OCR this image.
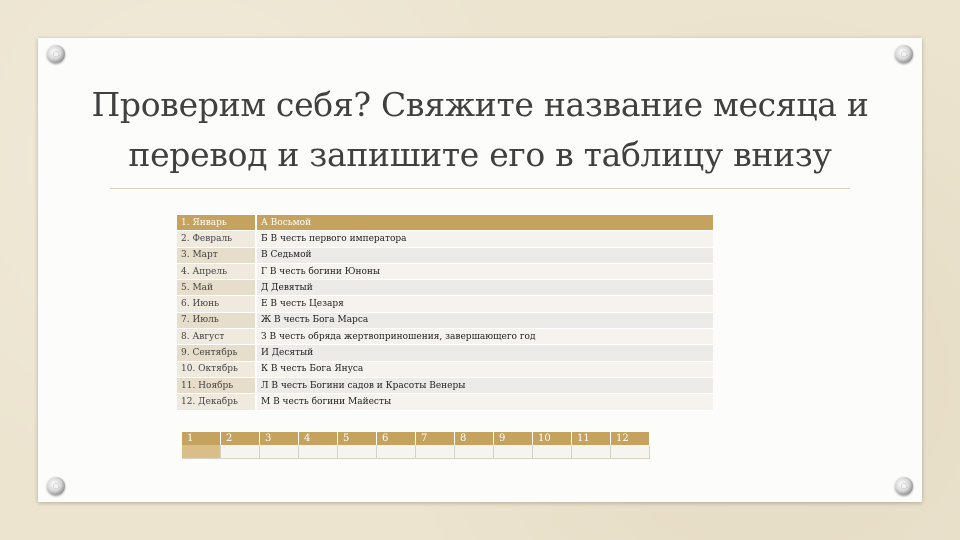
Проверим себя? Свяжите название месяца и перевод и запишите его в таблицу внизу
1. Январь	А Восьмой
2. Февраль	Б В честь первого императора
3. Март	В Седьмой
4. Апрель	Г В честь богини Юноны
5. Май	Д Девятый
6. Июнь	Е В честь Цезаря
7. Июль	Ж В честь Бога Марса
8. Август	З В честь обряда жертвоприношения, завершающего год
9. Сентябрь	И Десятый
10. Октябрь	К В честь Бога Януса
11. Ноябрь	Л В честь Богини садов и Красоты Венеры
12. Декабрь	М В честь богини Майесты
1	2	3	4	5	6	7	8	9	10	11	12
